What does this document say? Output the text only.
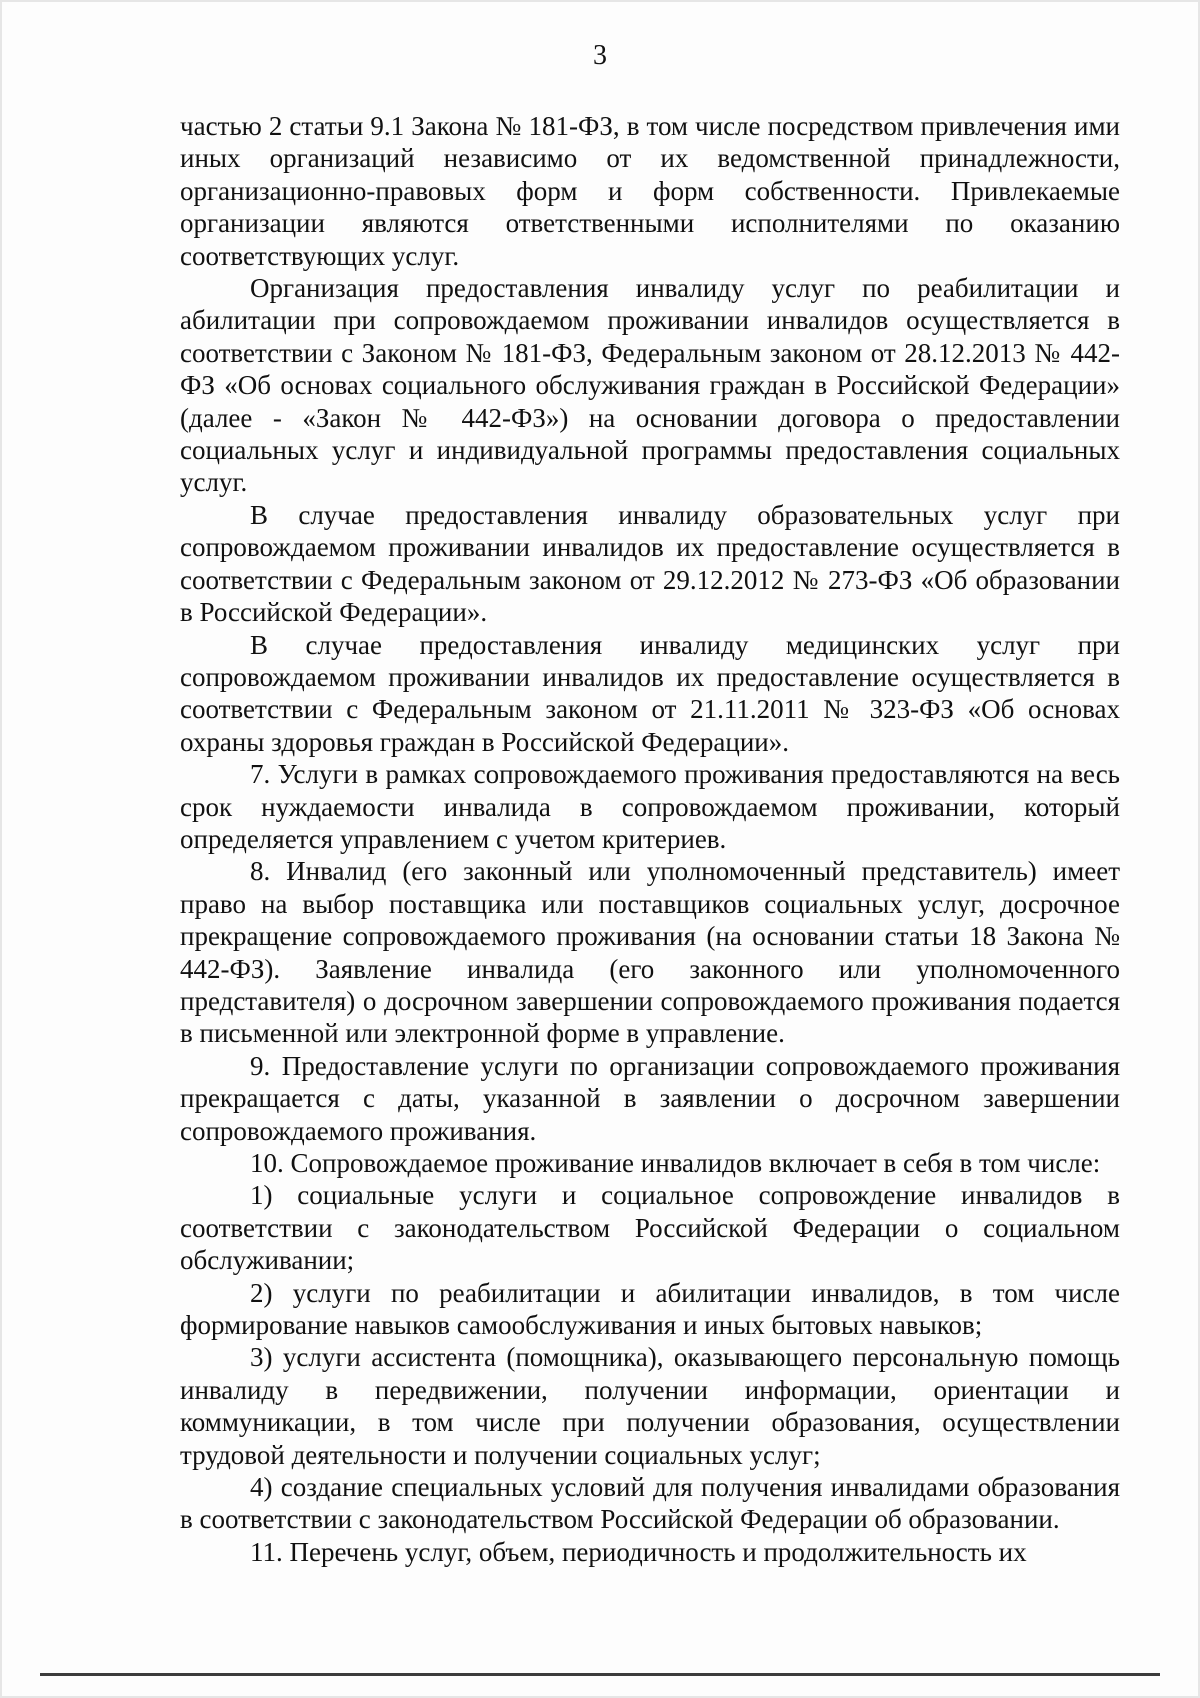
3

частью 2 статьи 9.1 Закона № 181-ФЗ, в том числе посредством привлечения ими иных организаций независимо от их ведомственной принадлежности, организационно-правовых форм и форм собственности. Привлекаемые организации являются ответственными исполнителями по оказанию соответствующих услуг.

Организация предоставления инвалиду услуг по реабилитации и абилитации при сопровождаемом проживании инвалидов осуществляется в соответствии с Законом № 181-ФЗ, Федеральным законом от 28.12.2013 № 442-ФЗ «Об основах социального обслуживания граждан в Российской Федерации» (далее - «Закон № 442-ФЗ») на основании договора о предоставлении социальных услуг и индивидуальной программы предоставления социальных услуг.

В случае предоставления инвалиду образовательных услуг при сопровождаемом проживании инвалидов их предоставление осуществляется в соответствии с Федеральным законом от 29.12.2012 № 273-ФЗ «Об образовании в Российской Федерации».

В случае предоставления инвалиду медицинских услуг при сопровождаемом проживании инвалидов их предоставление осуществляется в соответствии с Федеральным законом от 21.11.2011 № 323-ФЗ «Об основах охраны здоровья граждан в Российской Федерации».

7. Услуги в рамках сопровождаемого проживания предоставляются на весь срок нуждаемости инвалида в сопровождаемом проживании, который определяется управлением с учетом критериев.

8. Инвалид (его законный или уполномоченный представитель) имеет право на выбор поставщика или поставщиков социальных услуг, досрочное прекращение сопровождаемого проживания (на основании статьи 18 Закона № 442-ФЗ). Заявление инвалида (его законного или уполномоченного представителя) о досрочном завершении сопровождаемого проживания подается в письменной или электронной форме в управление.

9. Предоставление услуги по организации сопровождаемого проживания прекращается с даты, указанной в заявлении о досрочном завершении сопровождаемого проживания.

10. Сопровождаемое проживание инвалидов включает в себя в том числе:

1) социальные услуги и социальное сопровождение инвалидов в соответствии с законодательством Российской Федерации о социальном обслуживании;

2) услуги по реабилитации и абилитации инвалидов, в том числе формирование навыков самообслуживания и иных бытовых навыков;

3) услуги ассистента (помощника), оказывающего персональную помощь инвалиду в передвижении, получении информации, ориентации и коммуникации, в том числе при получении образования, осуществлении трудовой деятельности и получении социальных услуг;

4) создание специальных условий для получения инвалидами образования в соответствии с законодательством Российской Федерации об образовании.

11. Перечень услуг, объем, периодичность и продолжительность их
